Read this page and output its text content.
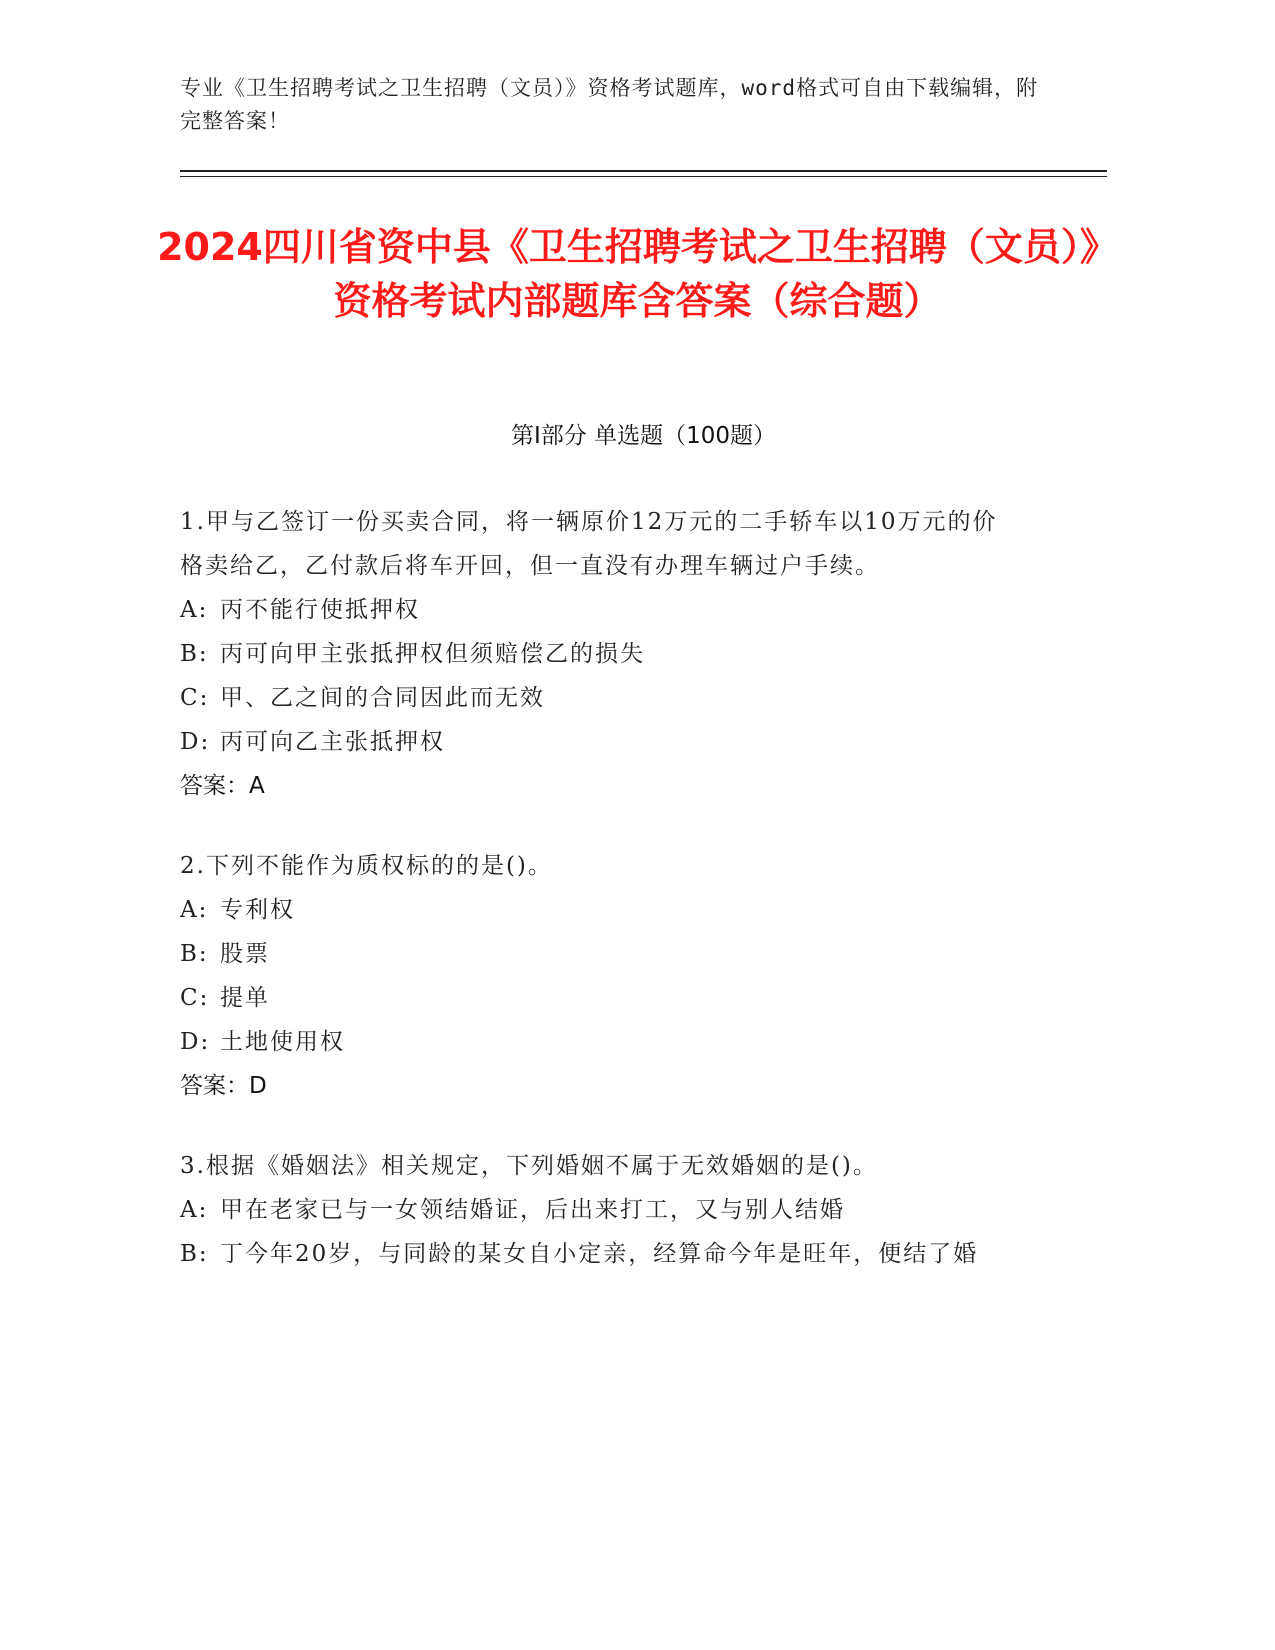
专业《卫生招聘考试之卫生招聘（文员）》资格考试题库，word格式可自由下载编辑，附完整答案！
2024四川省资中县《卫生招聘考试之卫生招聘（文员）》资格考试内部题库含答案（综合题）
第I部分 单选题（100题）
1.甲与乙签订一份买卖合同，将一辆原价12万元的二手轿车以10万元的价格卖给乙，乙付款后将车开回，但一直没有办理车辆过户手续。
A: 丙不能行使抵押权
B: 丙可向甲主张抵押权但须赔偿乙的损失
C: 甲、乙之间的合同因此而无效
D: 丙可向乙主张抵押权
答案：A
2.下列不能作为质权标的的是()。
A: 专利权
B: 股票
C: 提单
D: 土地使用权
答案：D
3.根据《婚姻法》相关规定，下列婚姻不属于无效婚姻的是()。
A: 甲在老家已与一女领结婚证，后出来打工，又与别人结婚
B: 丁今年20岁，与同龄的某女自小定亲，经算命今年是旺年，便结了婚
